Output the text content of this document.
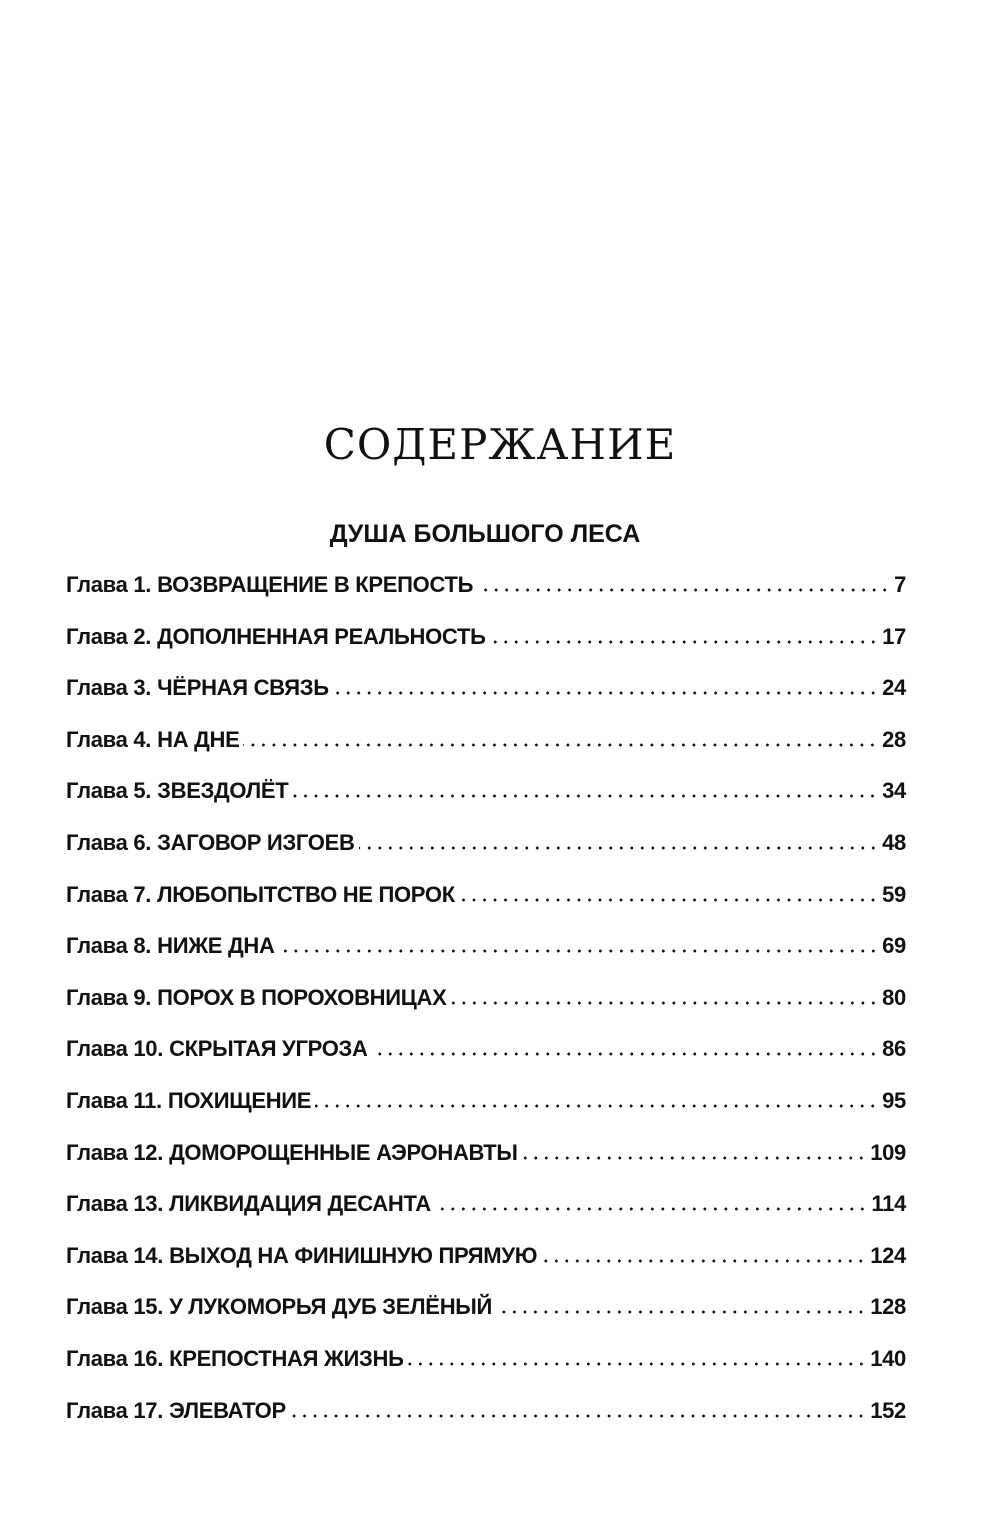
СОДЕРЖАНИЕ
ДУША БОЛЬШОГО ЛЕСА
Глава 1. ВОЗВРАЩЕНИЕ В КРЕПОСТЬ	7
Глава 2. ДОПОЛНЕННАЯ РЕАЛЬНОСТЬ	17
Глава 3. ЧЁРНАЯ СВЯЗЬ	24
Глава 4. НА ДНЕ	28
Глава 5. ЗВЕЗДОЛЁТ	34
Глава 6. ЗАГОВОР ИЗГОЕВ	48
Глава 7. ЛЮБОПЫТСТВО НЕ ПОРОК	59
Глава 8. НИЖЕ ДНА	69
Глава 9. ПОРОХ В ПОРОХОВНИЦАХ	80
Глава 10. СКРЫТАЯ УГРОЗА	86
Глава 11. ПОХИЩЕНИЕ	95
Глава 12. ДОМОРОЩЕННЫЕ АЭРОНАВТЫ	109
Глава 13. ЛИКВИДАЦИЯ ДЕСАНТА	114
Глава 14. ВЫХОД НА ФИНИШНУЮ ПРЯМУЮ	124
Глава 15. У ЛУКОМОРЬЯ ДУБ ЗЕЛЁНЫЙ	128
Глава 16. КРЕПОСТНАЯ ЖИЗНЬ	140
Глава 17. ЭЛЕВАТОР	152
